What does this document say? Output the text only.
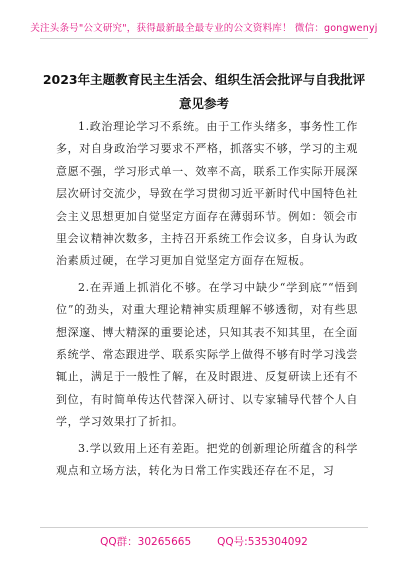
关注头条号"公文研究"，获得最新最全最专业的公文资料库！ 微信：gongwenyj
2023年主题教育民主生活会、组织生活会批评与自我批评意见参考

1.政治理论学习不系统。由于工作头绪多，事务性工作多，对自身政治学习要求不严格，抓落实不够，学习的主观意愿不强，学习形式单一、效率不高，联系工作实际开展深层次研讨交流少，导致在学习贯彻习近平新时代中国特色社会主义思想更加自觉坚定方面存在薄弱环节。例如：领会市里会议精神次数多，主持召开系统工作会议多，自身认为政治素质过硬，在学习更加自觉坚定方面存在短板。

2.在弄通上抓消化不够。在学习中缺少“学到底”“悟到位”的劲头，对重大理论精神实质理解不够透彻，对有些思想深邃、博大精深的重要论述，只知其表不知其里，在全面系统学、常态跟进学、联系实际学上做得不够有时学习浅尝辄止，满足于一般性了解，在及时跟进、反复研读上还有不到位，有时简单传达代替深入研讨、以专家辅导代替个人自学，学习效果打了折扣。

3.学以致用上还有差距。把党的创新理论所蕴含的科学观点和立场方法，转化为日常工作实践还存在不足，习

QQ群：30265665 QQ号:535304092
